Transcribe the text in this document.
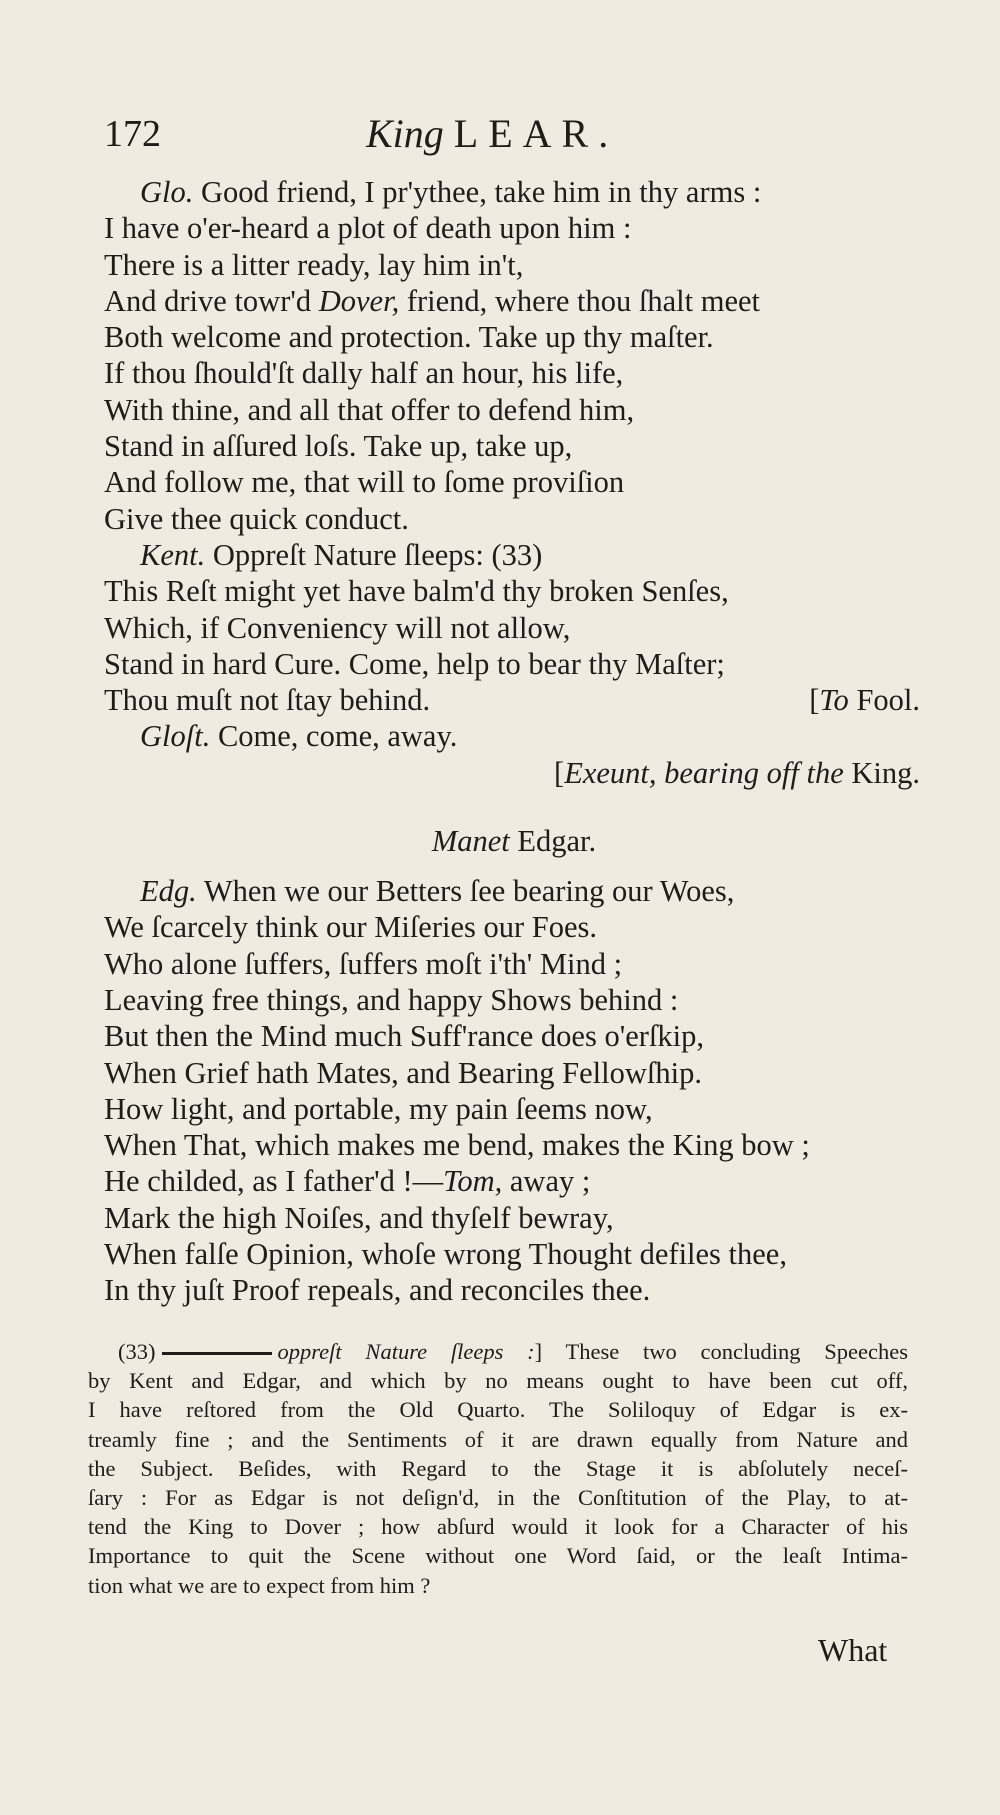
172	King LEAR.
Glo. Good friend, I pr'ythee, take him in thy arms :
I have o'er-heard a plot of death upon him :
There is a litter ready, lay him in't,
And drive towr'd Dover, friend, where thou ſhalt meet
Both welcome and protection. Take up thy maſter.
If thou ſhould'ſt dally half an hour, his life,
With thine, and all that offer to defend him,
Stand in aſſured loſs. Take up, take up,
And follow me, that will to ſome proviſion
Give thee quick conduct.
Kent. Oppreſt Nature ſleeps: (33)
This Reſt might yet have balm'd thy broken Senſes,
Which, if Conveniency will not allow,
Stand in hard Cure. Come, help to bear thy Maſter;
Thou muſt not ſtay behind.	[To Fool.
Gloſt. Come, come, away.
[Exeunt, bearing off the King.
Manet Edgar.
Edg. When we our Betters ſee bearing our Woes,
We ſcarcely think our Miſeries our Foes.
Who alone ſuffers, ſuffers moſt i'th' Mind ;
Leaving free things, and happy Shows behind :
But then the Mind much Suff'rance does o'erſkip,
When Grief hath Mates, and Bearing Fellowſhip.
How light, and portable, my pain ſeems now,
When That, which makes me bend, makes the King bow ;
He childed, as I father'd !—Tom, away ;
Mark the high Noiſes, and thyſelf bewray,
When falſe Opinion, whoſe wrong Thought defiles thee,
In thy juſt Proof repeals, and reconciles thee.
(33)	oppreſt Nature ſleeps :] These two concluding Speeches
by Kent and Edgar, and which by no means ought to have been cut off,
I have reſtored from the Old Quarto. The Soliloquy of Edgar is ex-
treamly fine ; and the Sentiments of it are drawn equally from Nature and
the Subject. Beſides, with Regard to the Stage it is abſolutely neceſ-
ſary : For as Edgar is not deſign'd, in the Conſtitution of the Play, to at-
tend the King to Dover ; how abſurd would it look for a Character of his
Importance to quit the Scene without one Word ſaid, or the leaſt Intima-
tion what we are to expect from him ?
What
